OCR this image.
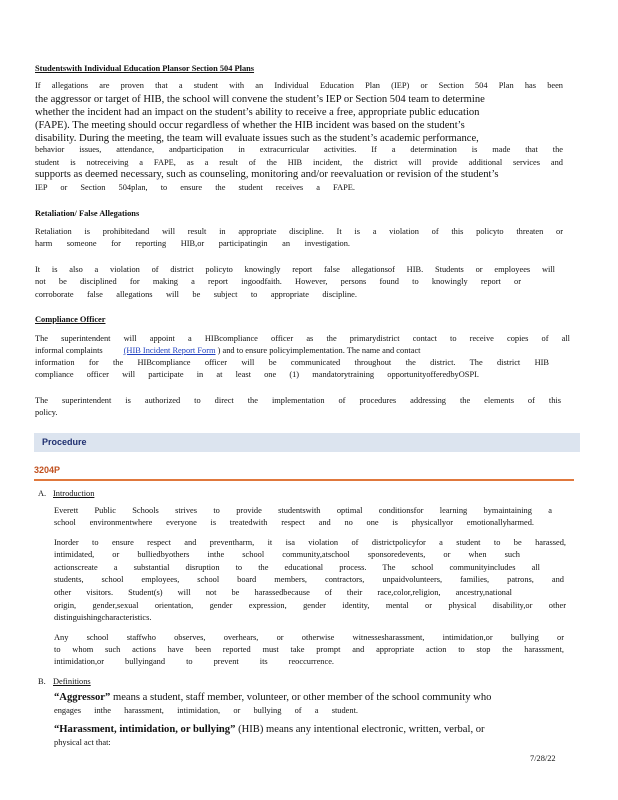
Studentswith Individual Education Plansor Section 504 Plans
If allegations are proven that a student with an Individual Education Plan (IEP) or Section 504 Plan has been
the aggressor or target of HIB, the school will convene the student’s IEP or Section 504 team to determine
whether the incident had an impact on the student’s ability to receive a free, appropriate public education
(FAPE). The meeting should occur regardless of whether the HIB incident was based on the student’s
disability. During the meeting, the team will evaluate issues such as the student’s academic performance,
behavior issues, attendance, andparticipation in extracurricular activities. If a determination is made that the
student is notreceiving a FAPE, as a result of the HIB incident, the district will provide additional services and
supports as deemed necessary, such as counseling, monitoring and/or reevaluation or revision of the student’s
IEP or Section 504plan, to ensure the student receives a FAPE.
Retaliation/ False Allegations
Retaliation is prohibitedand will result in appropriate discipline. It is a violation of this policyto threaten or
harm someone for reporting HIB,or participatingin an investigation.
It is also a violation of district policyto knowingly report false allegationsof HIB. Students or employees will
not be disciplined for making a report ingoodfaith. However, persons found to knowingly report or
corroborate false allegations will be subject to appropriate discipline.
Compliance Officer
The superintendent will appoint a HIBcompliance officer as the primarydistrict contact to receive copies of all
informal complaints (HIB Incident Report Form ) and to ensure policyimplementation. The name and contact
information for the HIBcompliance officer will be communicated throughout the district. The district HIB
compliance officer will participate in at least one (1) mandatorytraining opportunityofferedbyOSPI.
The superintendent is authorized to direct the implementation of procedures addressing the elements of this
policy.
Procedure
3204P
A. Introduction
Everett Public Schools strives to provide studentswith optimal conditionsfor learning bymaintaining a
school environmentwhere everyone is treatedwith respect and no one is physicallyor emotionallyharmed.
Inorder to ensure respect and preventharm, it isa violation of districtpolicyfor a student to be harassed,
intimidated, or bulliedbyothers inthe school community,atschool sponsoredevents, or when such
actionscreate a substantial disruption to the educational process. The school communityincludes all
students, school employees, school board members, contractors, unpaidvolunteers, families, patrons, and
other visitors. Student(s) will not be harassedbecause of their race,color,religion, ancestry,national
origin, gender,sexual orientation, gender expression, gender identity, mental or physical disability,or other
distinguishingcharacteristics.
Any school staffwho observes, overhears, or otherwise witnessesharassment, intimidation,or bullying or
to whom such actions have been reported must take prompt and appropriate action to stop the harassment,
intimidation,or bullyingand to prevent its reoccurrence.
B. Definitions
“Aggressor” means a student, staff member, volunteer, or other member of the school community who
engages inthe harassment, intimidation, or bullying of a student.
“Harassment, intimidation, or bullying” (HIB) means any intentional electronic, written, verbal, or
physical act that:
7/28/22
